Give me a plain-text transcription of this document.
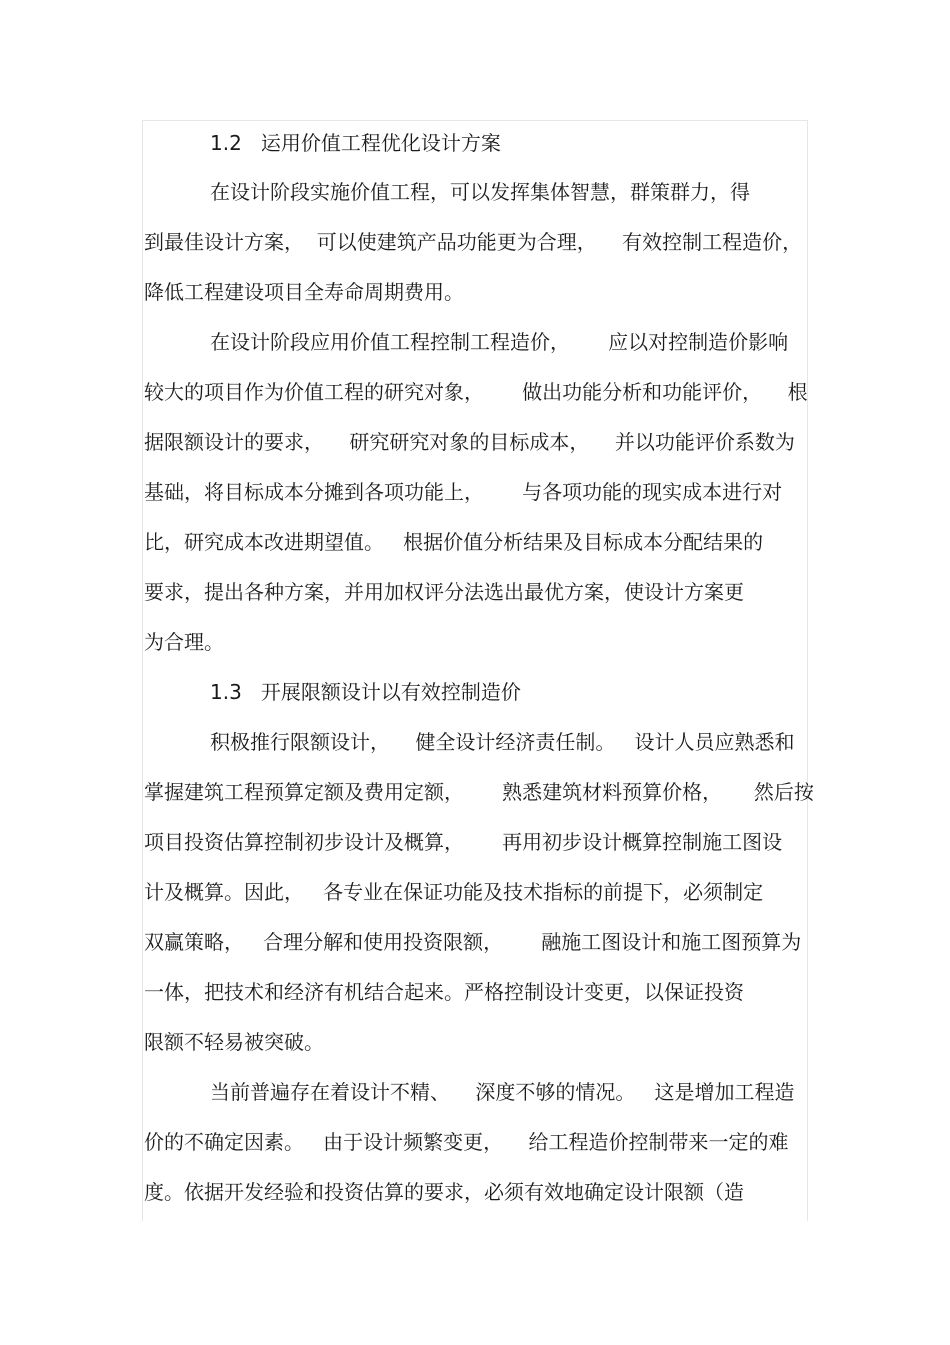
1.2   运用价值工程优化设计方案
在设计阶段实施价值工程，可以发挥集体智慧，群策群力，得
到最佳设计方案，  可以使建筑产品功能更为合理，    有效控制工程造价，
降低工程建设项目全寿命周期费用。
在设计阶段应用价值工程控制工程造价，      应以对控制造价影响
较大的项目作为价值工程的研究对象，      做出功能分析和功能评价，    根
据限额设计的要求，    研究研究对象的目标成本，    并以功能评价系数为
基础，将目标成本分摊到各项功能上，      与各项功能的现实成本进行对
比，研究成本改进期望值。   根据价值分析结果及目标成本分配结果的
要求，提出各种方案，并用加权评分法选出最优方案，使设计方案更
为合理。
1.3   开展限额设计以有效控制造价
积极推行限额设计，    健全设计经济责任制。   设计人员应熟悉和
掌握建筑工程预算定额及费用定额，      熟悉建筑材料预算价格，     然后按
项目投资估算控制初步设计及概算，      再用初步设计概算控制施工图设
计及概算。因此，   各专业在保证功能及技术指标的前提下，必须制定
双赢策略，   合理分解和使用投资限额，      融施工图设计和施工图预算为
一体，把技术和经济有机结合起来。严格控制设计变更，以保证投资
限额不轻易被突破。
当前普遍存在着设计不精、    深度不够的情况。   这是增加工程造
价的不确定因素。   由于设计频繁变更，    给工程造价控制带来一定的难
度。依据开发经验和投资估算的要求，必须有效地确定设计限额（造
